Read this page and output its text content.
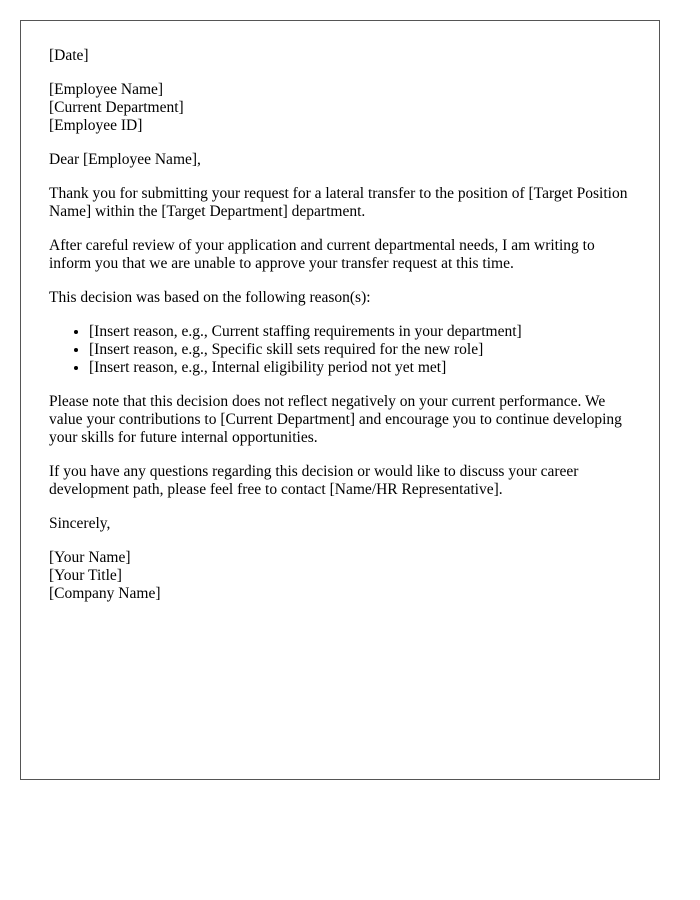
[Date]

[Employee Name]
[Current Department]
[Employee ID]

Dear [Employee Name],

Thank you for submitting your request for a lateral transfer to the position of [Target Position Name] within the [Target Department] department.

After careful review of your application and current departmental needs, I am writing to inform you that we are unable to approve your transfer request at this time.

This decision was based on the following reason(s):

• [Insert reason, e.g., Current staffing requirements in your department]
• [Insert reason, e.g., Specific skill sets required for the new role]
• [Insert reason, e.g., Internal eligibility period not yet met]

Please note that this decision does not reflect negatively on your current performance. We value your contributions to [Current Department] and encourage you to continue developing your skills for future internal opportunities.

If you have any questions regarding this decision or would like to discuss your career development path, please feel free to contact [Name/HR Representative].

Sincerely,

[Your Name]
[Your Title]
[Company Name]
